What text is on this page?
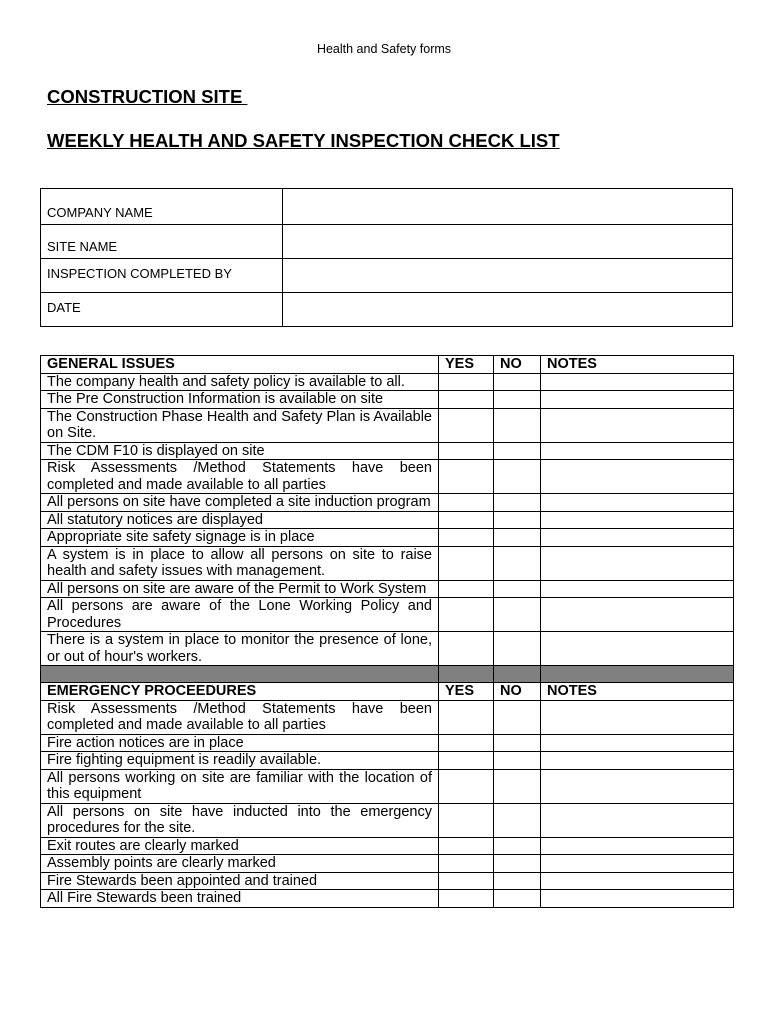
Health and Safety forms
CONSTRUCTION SITE
WEEKLY HEALTH AND SAFETY INSPECTION CHECK LIST
COMPANY NAME	
SITE NAME	
INSPECTION COMPLETED BY	
DATE	
GENERAL ISSUES	YES	NO	NOTES
The company health and safety policy is available to all.			
The Pre Construction Information is available on site			
The Construction Phase Health and Safety Plan is Available on Site.			
The CDM F10 is displayed on site			
Risk Assessments /Method Statements have been completed and made available to all parties			
All persons on site have completed a site induction program			
All statutory notices are displayed			
Appropriate site safety signage is in place			
A system is in place to allow all persons on site to raise health and safety issues with management.			
All persons on site are aware of the Permit to Work System			
All persons are aware of the Lone Working Policy and Procedures			
There is a system in place to monitor the presence of lone, or out of hour's workers.			

EMERGENCY PROCEEDURES	YES	NO	NOTES
Risk Assessments /Method Statements have been completed and made available to all parties			
Fire action notices are in place			
Fire fighting equipment is readily available.			
All persons working on site are familiar with the location of this equipment			
All persons on site have inducted into the emergency procedures for the site.			
Exit routes are clearly marked			
Assembly points are clearly marked			
Fire Stewards been appointed and trained			
All Fire Stewards been trained			
